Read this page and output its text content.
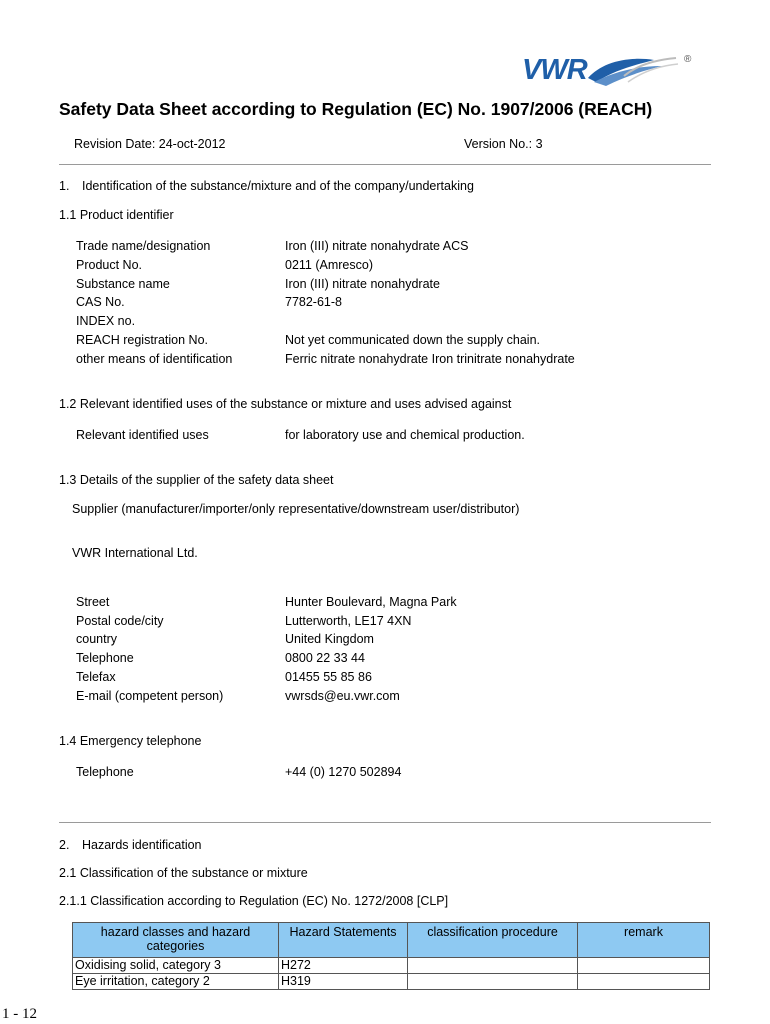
VWR	®
Safety Data Sheet according to Regulation (EC) No. 1907/2006 (REACH)
Revision Date: 24-oct-2012	Version No.: 3
1. Identification of the substance/mixture and of the company/undertaking
1.1 Product identifier
Trade name/designation	Iron (III) nitrate nonahydrate ACS
Product No.	0211 (Amresco)
Substance name	Iron (III) nitrate nonahydrate
CAS No.	7782-61-8
INDEX no.
REACH registration No.	Not yet communicated down the supply chain.
other means of identification	Ferric nitrate nonahydrate Iron trinitrate nonahydrate
1.2 Relevant identified uses of the substance or mixture and uses advised against
Relevant identified uses	for laboratory use and chemical production.
1.3 Details of the supplier of the safety data sheet
Supplier (manufacturer/importer/only representative/downstream user/distributor)
VWR International Ltd.
Street	Hunter Boulevard, Magna Park
Postal code/city	Lutterworth, LE17 4XN
country	United Kingdom
Telephone	0800 22 33 44
Telefax	01455 55 85 86
E-mail (competent person)	vwrsds@eu.vwr.com
1.4 Emergency telephone
Telephone	+44 (0) 1270 502894
2. Hazards identification
2.1 Classification of the substance or mixture
2.1.1 Classification according to Regulation (EC) No. 1272/2008 [CLP]
hazard classes and hazard categories	Hazard Statements	classification procedure	remark
Oxidising solid, category 3	H272		
Eye irritation, category 2	H319		
1 - 12
